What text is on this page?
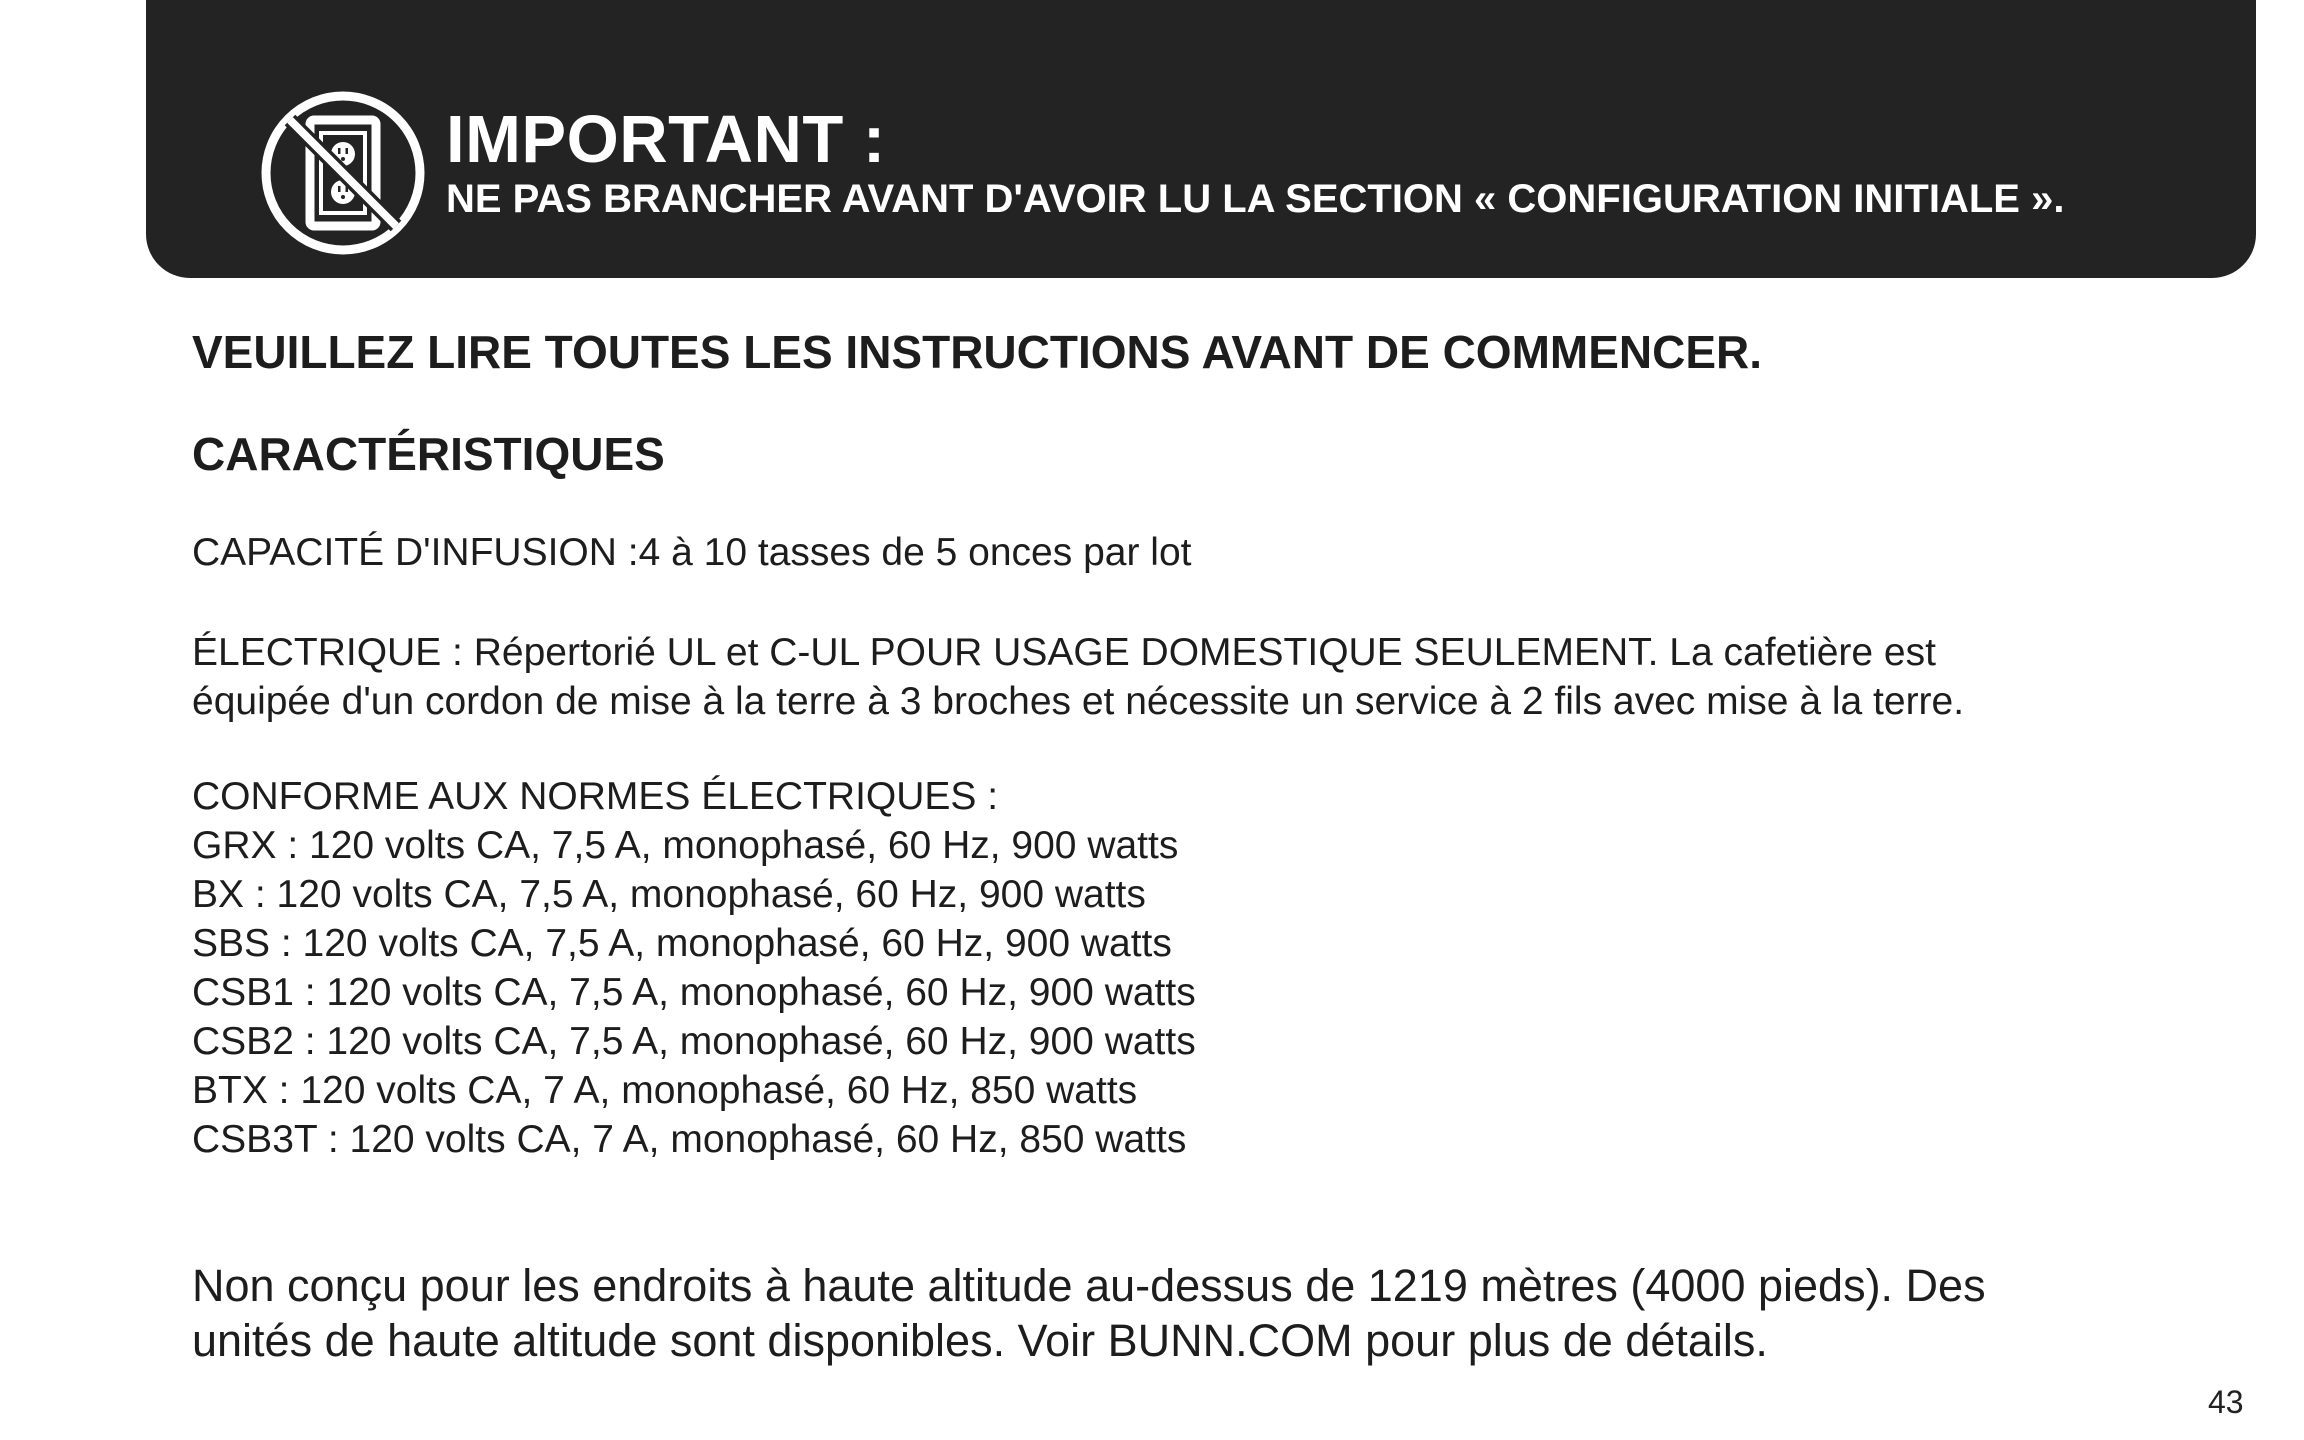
IMPORTANT :
NE PAS BRANCHER AVANT D'AVOIR LU LA SECTION « CONFIGURATION INITIALE ».
VEUILLEZ LIRE TOUTES LES INSTRUCTIONS AVANT DE COMMENCER.
CARACTÉRISTIQUES
CAPACITÉ D'INFUSION :4 à 10 tasses de 5 onces par lot
ÉLECTRIQUE : Répertorié UL et C-UL POUR USAGE DOMESTIQUE SEULEMENT. La cafetière est
équipée d'un cordon de mise à la terre à 3 broches et nécessite un service à 2 fils avec mise à la terre.
CONFORME AUX NORMES ÉLECTRIQUES :
GRX : 120 volts CA, 7,5 A, monophasé, 60 Hz, 900 watts
BX : 120 volts CA, 7,5 A, monophasé, 60 Hz, 900 watts
SBS : 120 volts CA, 7,5 A, monophasé, 60 Hz, 900 watts
CSB1 : 120 volts CA, 7,5 A, monophasé, 60 Hz, 900 watts
CSB2 : 120 volts CA, 7,5 A, monophasé, 60 Hz, 900 watts
BTX : 120 volts CA, 7 A, monophasé, 60 Hz, 850 watts
CSB3T : 120 volts CA, 7 A, monophasé, 60 Hz, 850 watts
Non conçu pour les endroits à haute altitude au-dessus de 1219 mètres (4000 pieds). Des
unités de haute altitude sont disponibles. Voir BUNN.COM pour plus de détails.
43
